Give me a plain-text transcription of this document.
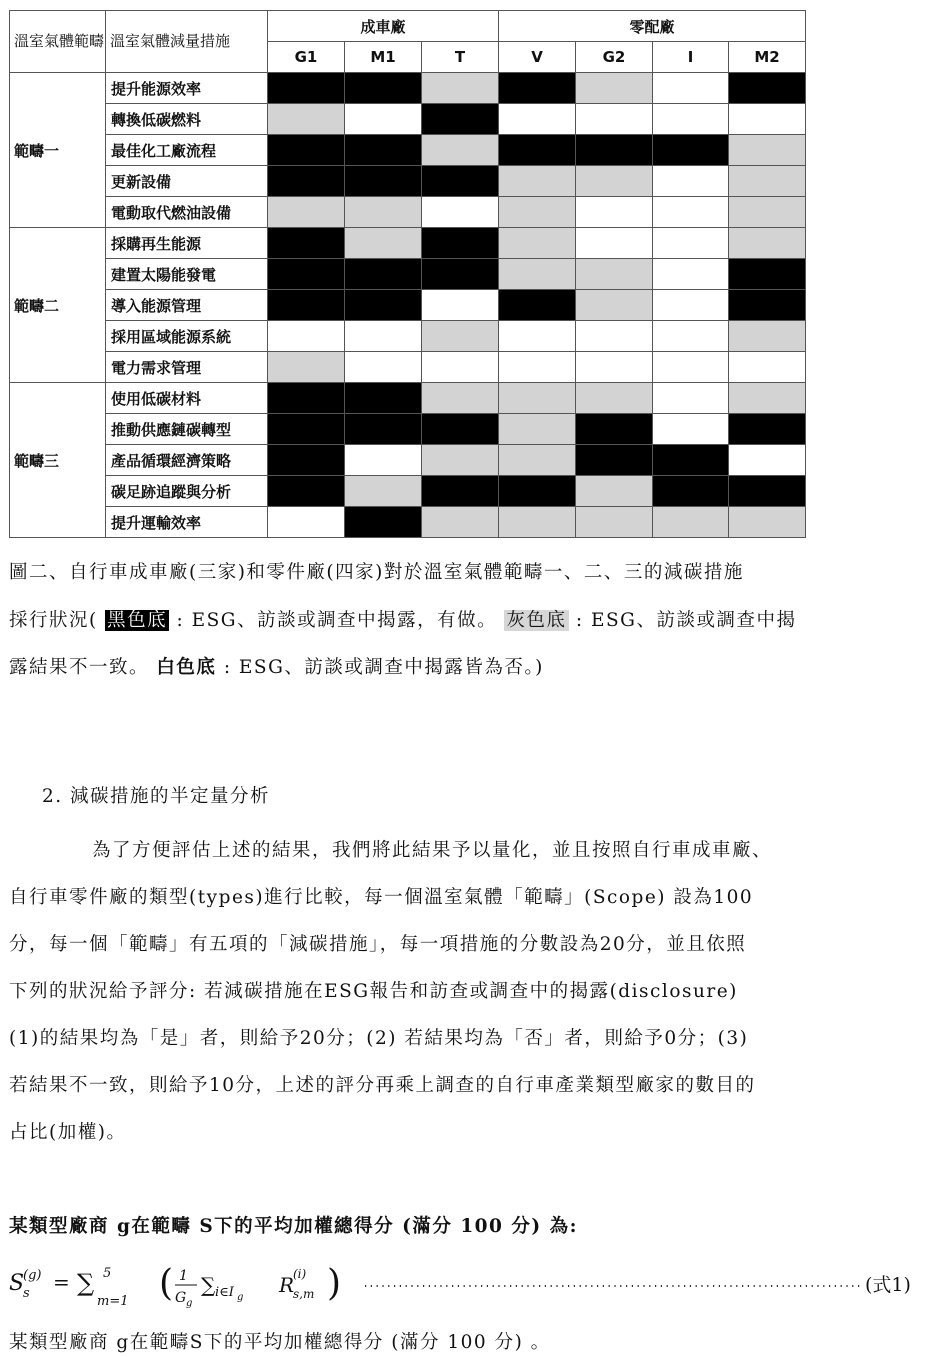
溫室氣體範疇	溫室氣體減量措施	成車廠			零配廠			
		G1	M1	T	V	G2	I	M2
範疇一	提升能源效率							
	轉換低碳燃料							
	最佳化工廠流程							
	更新設備							
	電動取代燃油設備							
範疇二	採購再生能源							
	建置太陽能發電							
	導入能源管理							
	採用區域能源系統							
	電力需求管理							
範疇三	使用低碳材料							
	推動供應鏈碳轉型							
	產品循環經濟策略							
	碳足跡追蹤與分析							
	提升運輸效率							
圖二、自行車成車廠(三家)和零件廠(四家)對於溫室氣體範疇一、二、三的減碳措施
採行狀況( 黑色底 : ESG、訪談或調查中揭露，有做。 灰色底 : ESG、訪談或調查中揭
露結果不一致。 白色底 : ESG、訪談或調查中揭露皆為否。)
2. 減碳措施的半定量分析
為了方便評估上述的結果，我們將此結果予以量化，並且按照自行車成車廠、
自行車零件廠的類型(types)進行比較，每一個溫室氣體「範疇」(Scope) 設為100
分，每一個「範疇」有五項的「減碳措施」，每一項措施的分數設為20分，並且依照
下列的狀況給予評分: 若減碳措施在ESG報告和訪查或調查中的揭露(disclosure)
(1)的結果均為「是」者，則給予20分；(2) 若結果均為「否」者，則給予0分；(3)
若結果不一致，則給予10分，上述的評分再乘上調查的自行車產業類型廠家的數目的
占比(加權)。
某類型廠商 g在範疇 S下的平均加權總得分 (滿分 100 分) 為:
S
s
(g) = ∑
m=1
5 ( 1
G g
∑ i∈I g
R
(i)
s,m )	(式1)
某類型廠商 g在範疇S下的平均加權總得分 (滿分 100 分) 。
